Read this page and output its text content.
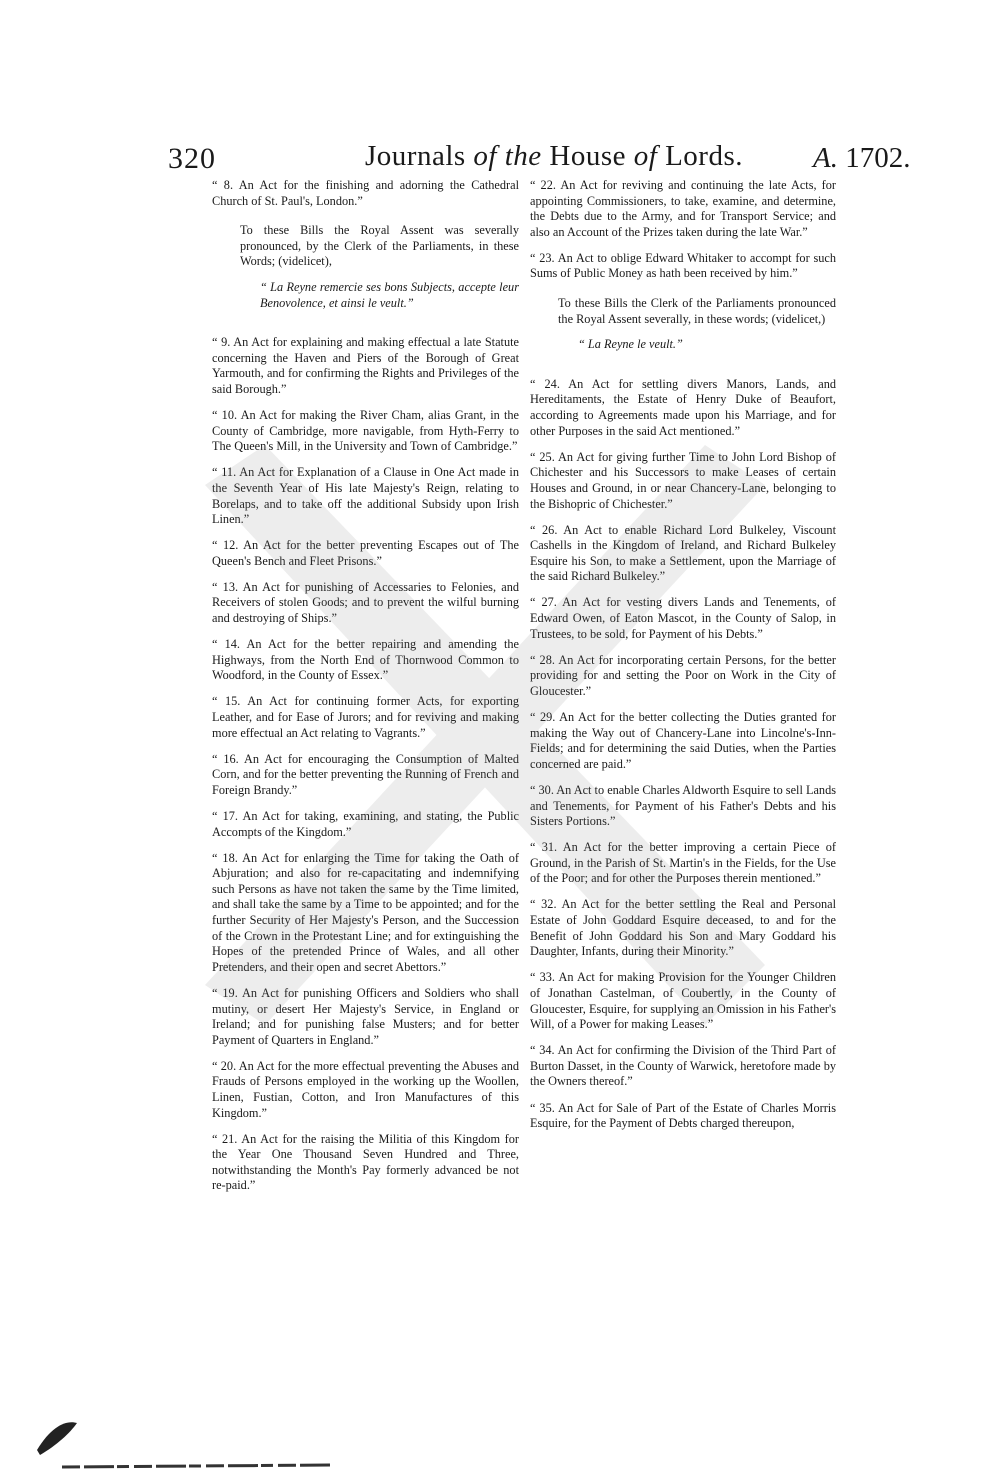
320	Journals of the House of Lords. A. 1702.

“ 8. An Act for the finishing and adorning the Cathedral Church of St. Paul's, London.”

To these Bills the Royal Assent was severally pronounced, by the Clerk of the Parliaments, in these Words; (videlicet),

“ La Reyne remercie ses bons Subjects, accepte leur Benovolence, et ainsi le veult.”

“ 9. An Act for explaining and making effectual a late Statute concerning the Haven and Piers of the Borough of Great Yarmouth, and for confirming the Rights and Privileges of the said Borough.”

“ 10. An Act for making the River Cham, alias Grant, in the County of Cambridge, more navigable, from Hyth-Ferry to The Queen's Mill, in the University and Town of Cambridge.”

“ 11. An Act for Explanation of a Clause in One Act made in the Seventh Year of His late Majesty's Reign, relating to Borelaps, and to take off the additional Subsidy upon Irish Linen.”

“ 12. An Act for the better preventing Escapes out of The Queen's Bench and Fleet Prisons.”

“ 13. An Act for punishing of Accessaries to Felonies, and Receivers of stolen Goods; and to prevent the wilful burning and destroying of Ships.”

“ 14. An Act for the better repairing and amending the Highways, from the North End of Thornwood Common to Woodford, in the County of Essex.”

“ 15. An Act for continuing former Acts, for exporting Leather, and for Ease of Jurors; and for reviving and making more effectual an Act relating to Vagrants.”

“ 16. An Act for encouraging the Consumption of Malted Corn, and for the better preventing the Running of French and Foreign Brandy.”

“ 17. An Act for taking, examining, and stating, the Public Accompts of the Kingdom.”

“ 18. An Act for enlarging the Time for taking the Oath of Abjuration; and also for re-capacitating and indemnifying such Persons as have not taken the same by the Time limited, and shall take the same by a Time to be appointed; and for the further Security of Her Majesty's Person, and the Succession of the Crown in the Protestant Line; and for extinguishing the Hopes of the pretended Prince of Wales, and all other Pretenders, and their open and secret Abettors.”

“ 19. An Act for punishing Officers and Soldiers who shall mutiny, or desert Her Majesty's Service, in England or Ireland; and for punishing false Musters; and for better Payment of Quarters in England.”

“ 20. An Act for the more effectual preventing the Abuses and Frauds of Persons employed in the working up the Woollen, Linen, Fustian, Cotton, and Iron Manufactures of this Kingdom.”

“ 21. An Act for the raising the Militia of this Kingdom for the Year One Thousand Seven Hundred and Three, notwithstanding the Month's Pay formerly advanced be not re-paid.”

“ 22. An Act for reviving and continuing the late Acts, for appointing Commissioners, to take, examine, and determine, the Debts due to the Army, and for Transport Service; and also an Account of the Prizes taken during the late War.”

“ 23. An Act to oblige Edward Whitaker to accompt for such Sums of Public Money as hath been received by him.”

To these Bills the Clerk of the Parliaments pronounced the Royal Assent severally, in these words; (videlicet,)

“ La Reyne le veult.”

“ 24. An Act for settling divers Manors, Lands, and Hereditaments, the Estate of Henry Duke of Beaufort, according to Agreements made upon his Marriage, and for other Purposes in the said Act mentioned.”

“ 25. An Act for giving further Time to John Lord Bishop of Chichester and his Successors to make Leases of certain Houses and Ground, in or near Chancery-Lane, belonging to the Bishopric of Chichester.”

“ 26. An Act to enable Richard Lord Bulkeley, Viscount Cashells in the Kingdom of Ireland, and Richard Bulkeley Esquire his Son, to make a Settlement, upon the Marriage of the said Richard Bulkeley.”

“ 27. An Act for vesting divers Lands and Tenements, of Edward Owen, of Eaton Mascot, in the County of Salop, in Trustees, to be sold, for Payment of his Debts.”

“ 28. An Act for incorporating certain Persons, for the better providing for and setting the Poor on Work in the City of Gloucester.”

“ 29. An Act for the better collecting the Duties granted for making the Way out of Chancery-Lane into Lincolne's-Inn-Fields; and for determining the said Duties, when the Parties concerned are paid.”

“ 30. An Act to enable Charles Aldworth Esquire to sell Lands and Tenements, for Payment of his Father's Debts and his Sisters Portions.”

“ 31. An Act for the better improving a certain Piece of Ground, in the Parish of St. Martin's in the Fields, for the Use of the Poor; and for other the Purposes therein mentioned.”

“ 32. An Act for the better settling the Real and Personal Estate of John Goddard Esquire deceased, to and for the Benefit of John Goddard his Son and Mary Goddard his Daughter, Infants, during their Minority.”

“ 33. An Act for making Provision for the Younger Children of Jonathan Castelman, of Coubertly, in the County of Gloucester, Esquire, for supplying an Omission in his Father's Will, of a Power for making Leases.”

“ 34. An Act for confirming the Division of the Third Part of Burton Dasset, in the County of Warwick, heretofore made by the Owners thereof.”

“ 35. An Act for Sale of Part of the Estate of Charles Morris Esquire, for the Payment of Debts charged thereupon,
